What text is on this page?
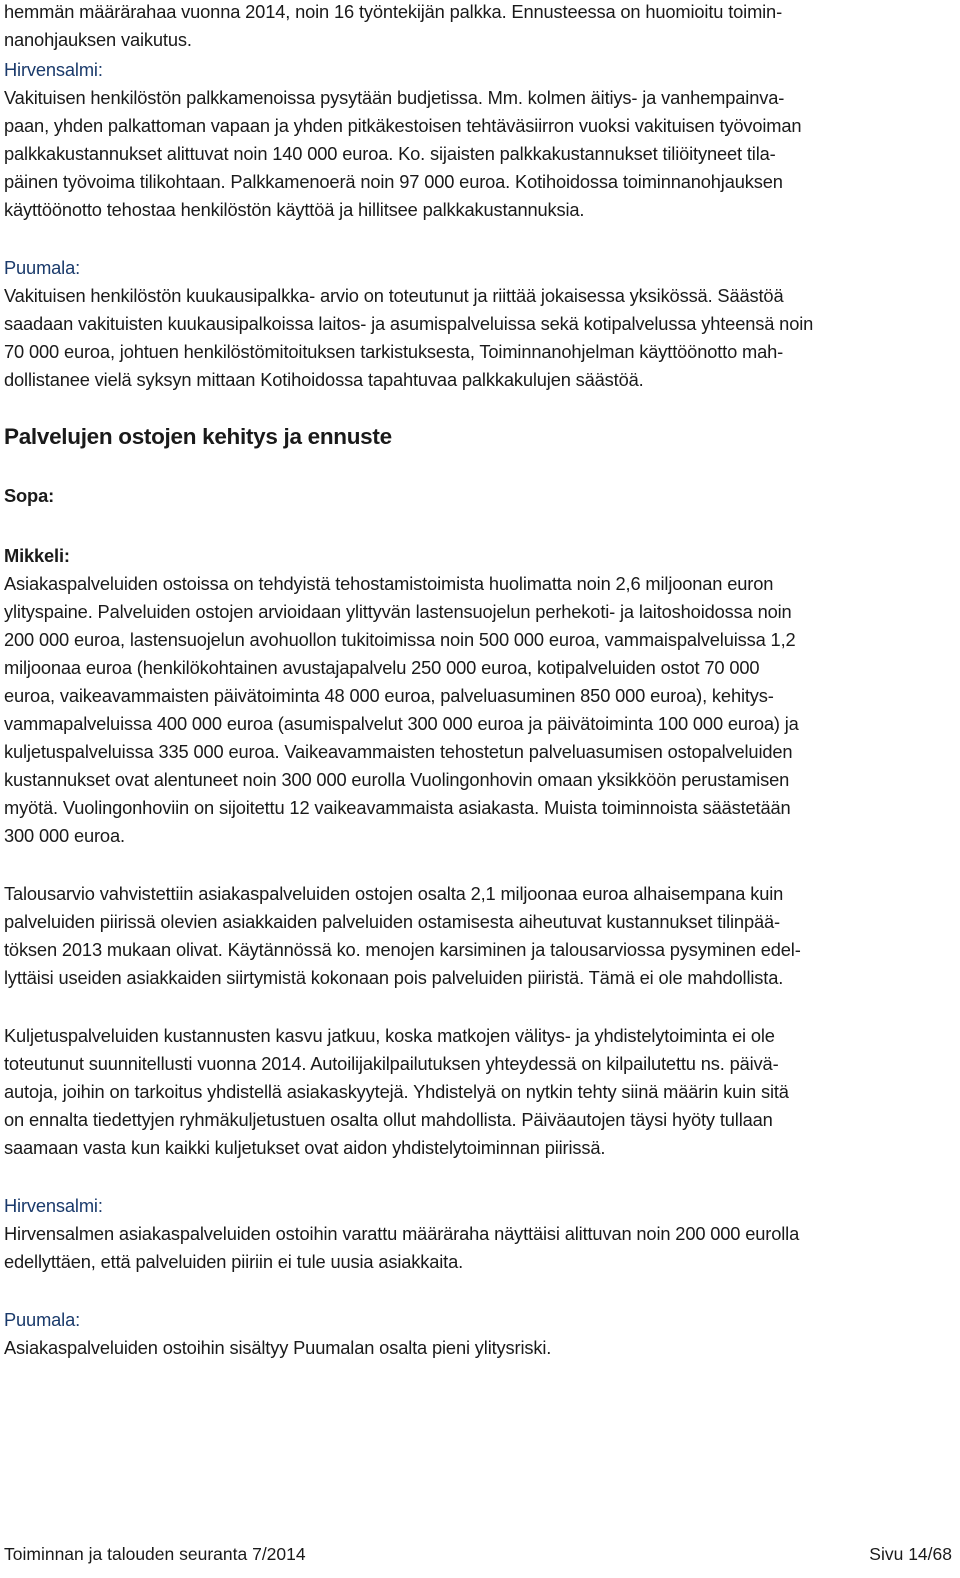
hemmän määrärahaa vuonna 2014, noin 16 työntekijän palkka. Ennusteessa on huomioitu toimin-
nanohjauksen vaikutus.
Hirvensalmi:
Vakituisen henkilöstön palkkamenoissa pysytään budjetissa. Mm. kolmen äitiys- ja vanhempainva-
paan, yhden palkattoman vapaan ja yhden pitkäkestoisen tehtäväsiirron vuoksi vakituisen työvoiman
palkkakustannukset alittuvat noin 140 000 euroa. Ko. sijaisten palkkakustannukset tiliöityneet tila-
päinen työvoima tilikohtaan. Palkkamenoerä noin 97 000 euroa. Kotihoidossa toiminnanohjauksen
käyttöönotto tehostaa henkilöstön käyttöä ja hillitsee palkkakustannuksia.
Puumala:
Vakituisen henkilöstön kuukausipalkka- arvio on toteutunut ja riittää jokaisessa yksikössä. Säästöä
saadaan vakituisten kuukausipalkoissa laitos- ja asumispalveluissa sekä kotipalvelussa yhteensä noin
70 000 euroa, johtuen henkilöstömitoituksen tarkistuksesta, Toiminnanohjelman käyttöönotto mah-
dollistanee vielä syksyn mittaan Kotihoidossa tapahtuvaa palkkakulujen säästöä.
Palvelujen ostojen kehitys ja ennuste
Sopa:
Mikkeli:
Asiakaspalveluiden ostoissa on tehdyistä tehostamistoimista huolimatta noin 2,6 miljoonan euron
ylityspaine. Palveluiden ostojen arvioidaan ylittyvän lastensuojelun perhekoti- ja laitoshoidossa noin
200 000 euroa, lastensuojelun avohuollon tukitoimissa noin 500 000 euroa, vammaispalveluissa 1,2
miljoonaa euroa (henkilökohtainen avustajapalvelu 250 000 euroa, kotipalveluiden ostot 70 000
euroa, vaikeavammaisten päivätoiminta 48 000 euroa, palveluasuminen 850 000 euroa), kehitys-
vammapalveluissa 400 000 euroa (asumispalvelut 300 000 euroa ja päivätoiminta 100 000 euroa) ja
kuljetuspalveluissa 335 000 euroa. Vaikeavammaisten tehostetun palveluasumisen ostopalveluiden
kustannukset ovat alentuneet noin 300 000 eurolla Vuolingonhovin omaan yksikköön perustamisen
myötä. Vuolingonhoviin on sijoitettu 12 vaikeavammaista asiakasta. Muista toiminnoista säästetään
300 000 euroa.
Talousarvio vahvistettiin asiakaspalveluiden ostojen osalta 2,1 miljoonaa euroa alhaisempana kuin
palveluiden piirissä olevien asiakkaiden palveluiden ostamisesta aiheutuvat kustannukset tilinpää-
töksen 2013 mukaan olivat. Käytännössä ko. menojen karsiminen ja talousarviossa pysyminen edel-
lyttäisi useiden asiakkaiden siirtymistä kokonaan pois palveluiden piiristä. Tämä ei ole mahdollista.
Kuljetuspalveluiden kustannusten kasvu jatkuu, koska matkojen välitys- ja yhdistelytoiminta ei ole
toteutunut suunnitellusti vuonna 2014. Autoilijakilpailutuksen yhteydessä on kilpailutettu ns. päivä-
autoja, joihin on tarkoitus yhdistellä asiakaskyytejä. Yhdistelyä on nytkin tehty siinä määrin kuin sitä
on ennalta tiedettyjen ryhmäkuljetustuen osalta ollut mahdollista. Päiväautojen täysi hyöty tullaan
saamaan vasta kun kaikki kuljetukset ovat aidon yhdistelytoiminnan piirissä.
Hirvensalmi:
Hirvensalmen asiakaspalveluiden ostoihin varattu määräraha näyttäisi alittuvan noin 200 000 eurolla
edellyttäen, että palveluiden piiriin ei tule uusia asiakkaita.
Puumala:
Asiakaspalveluiden ostoihin sisältyy Puumalan osalta pieni ylitysriski.
Toiminnan ja talouden seuranta 7/2014	Sivu 14/68
